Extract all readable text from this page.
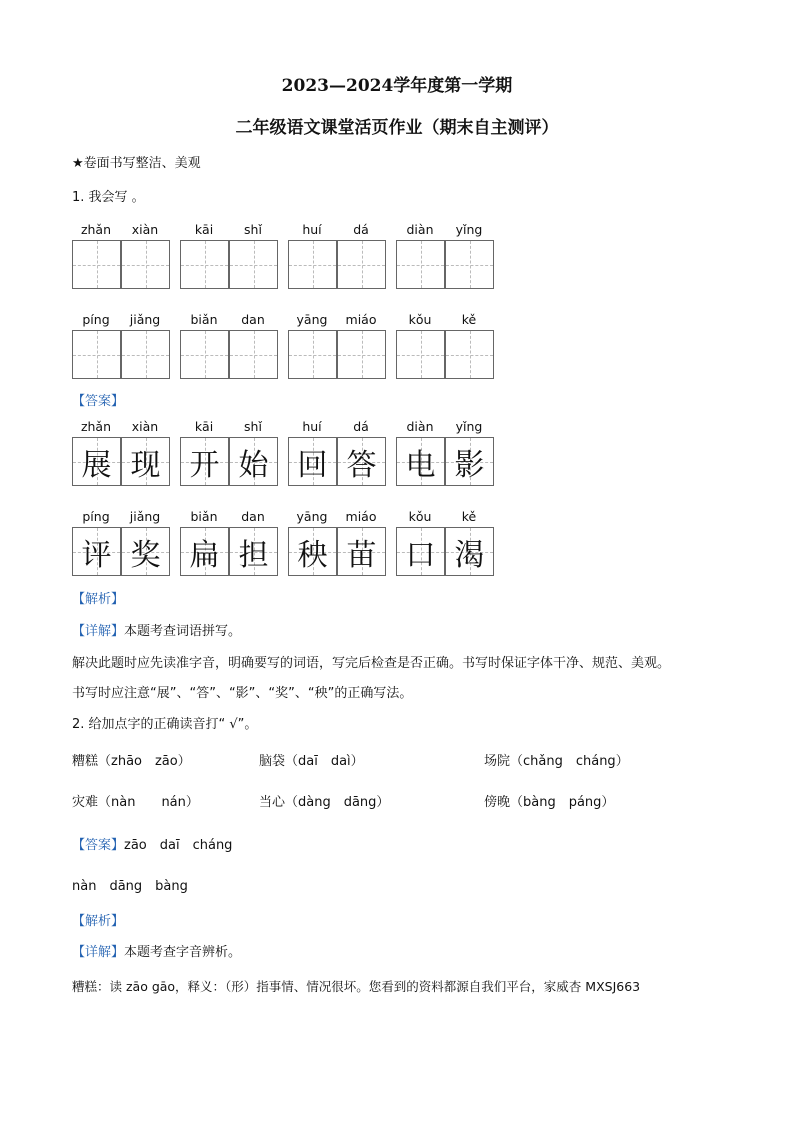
2023—2024学年度第一学期
二年级语文课堂活页作业（期末自主测评）
★卷面书写整洁、美观
1. 我会写 。
zhǎn	xiàn	kāi	shǐ	huí	dá	diàn	yǐng
píng	jiǎng	biǎn	dan	yāng	miáo	kǒu	kě
【答案】
zhǎn	xiàn	kāi	shǐ	huí	dá	diàn	yǐng
展 现 开 始 回 答 电 影
píng	jiǎng	biǎn	dan	yāng	miáo	kǒu	kě
评 奖 扁 担 秧 苗 口 渴
【解析】
【详解】本题考查词语拼写。
解决此题时应先读准字音，明确要写的词语，写完后检查是否正确。书写时保证字体干净、规范、美观。
书写时应注意“展”、“答”、“影”、“奖”、“秧”的正确写法。
2. 给加点字的正确读音打“ √”。
糟糕（zhāo　zāo）	脑袋（daī　daì）	场院（chǎng　cháng）
灾难（nàn　　nán）	当心（dàng　dāng）	傍晚（bàng　páng）
【答案】zāo　daī　cháng
nàn　dāng　bàng
【解析】
【详解】本题考查字音辨析。
糟糕：读 zāo gāo，释义：（形）指事情、情况很坏。您看到的资料都源自我们平台，家威杏 MXSJ663
